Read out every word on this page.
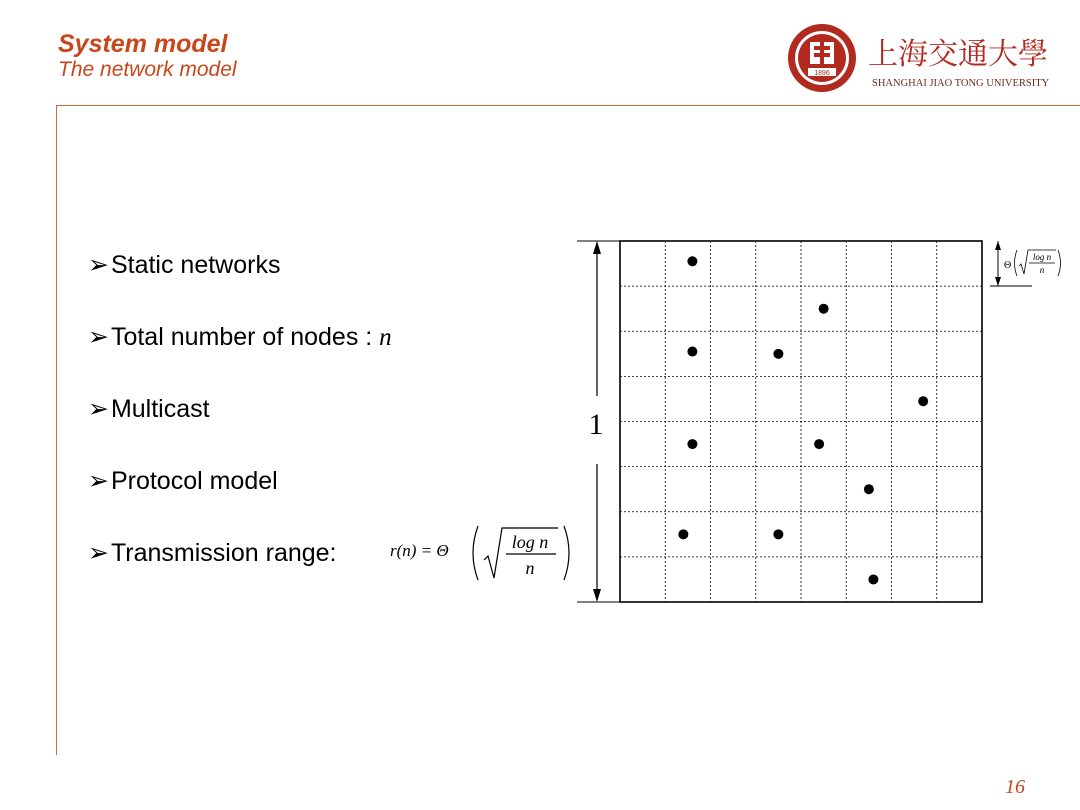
System model
The network model	1896
上海交通大學
SHANGHAI JIAO TONG UNIVERSITY
➢Static networks
➢Total number of nodes : n
➢Multicast
➢Protocol model
➢Transmission range:	r(n) = Θ	log n
n
1
Θ
log n
n
16
